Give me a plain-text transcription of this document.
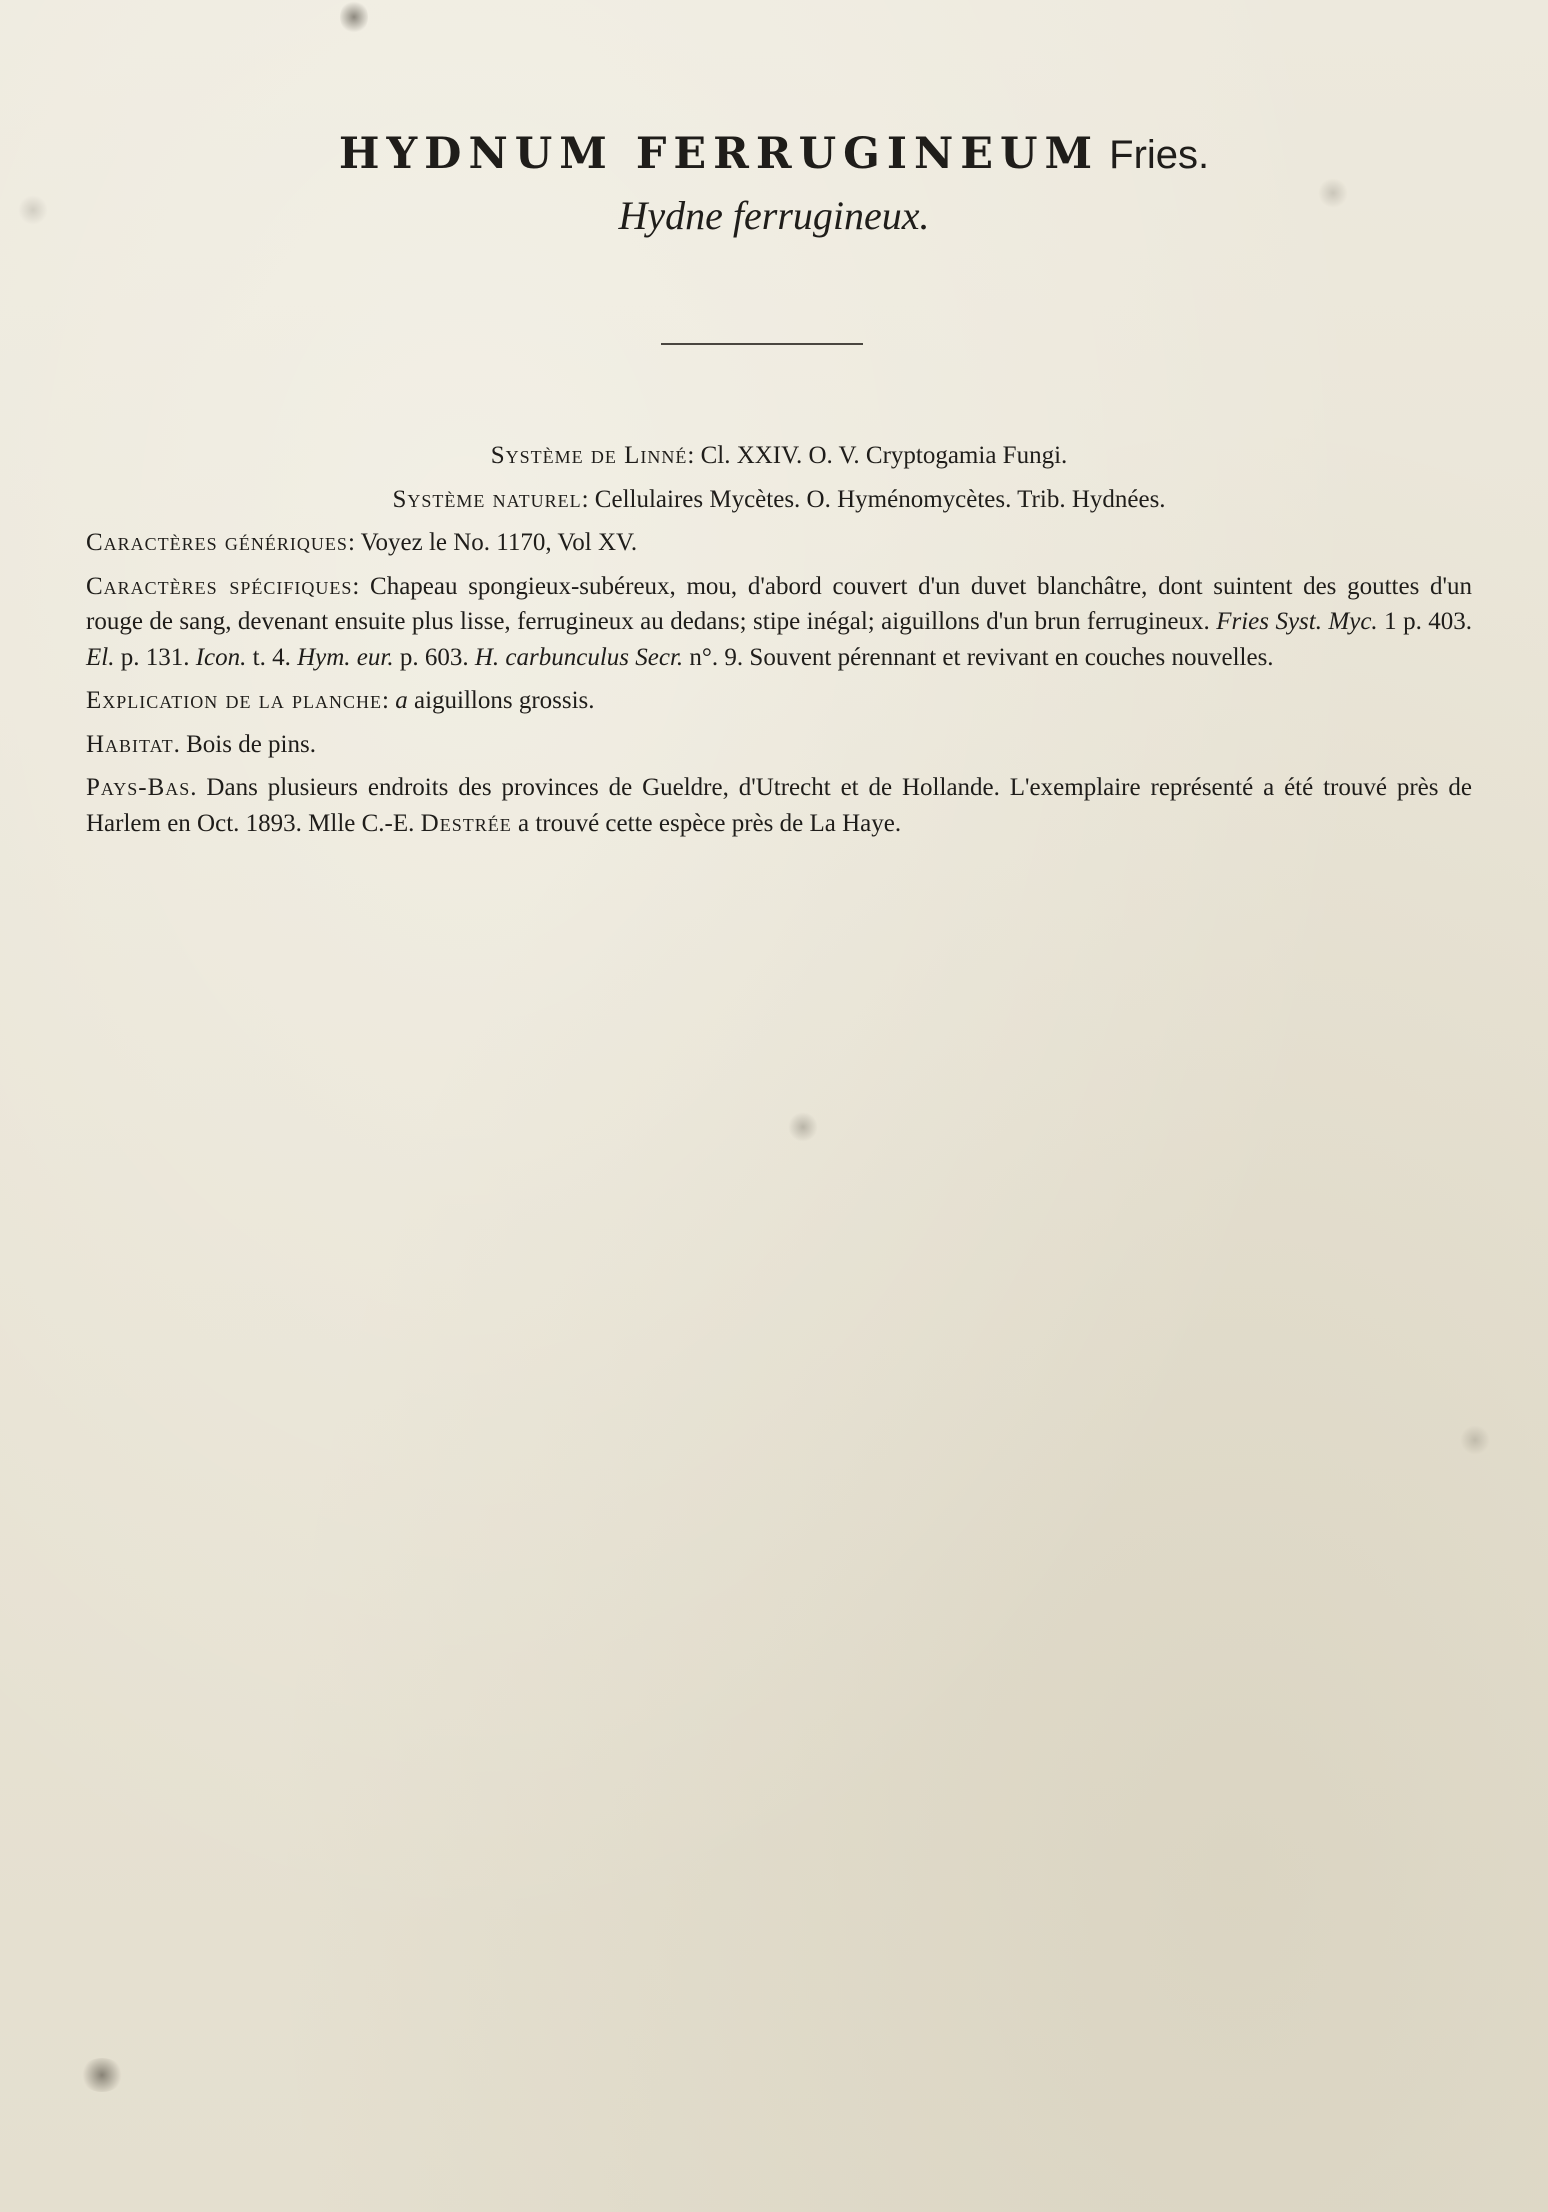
HYDNUM FERRUGINEUM Fries.
Hydne ferrugineux.

Système de Linné: Cl. XXIV. O. V. Cryptogamia Fungi.

Système naturel: Cellulaires Mycètes. O. Hyménomycètes. Trib. Hydnées.

Caractères génériques: Voyez le No. 1170, Vol XV.

Caractères spécifiques: Chapeau spongieux-subéreux, mou, d'abord couvert d'un duvet blanchâtre, dont suintent des gouttes d'un rouge de sang, devenant ensuite plus lisse, ferrugineux au dedans; stipe inégal; aiguillons d'un brun ferrugineux. Fries Syst. Myc. 1 p. 403. El. p. 131. Icon. t. 4. Hym. eur. p. 603. H. carbunculus Secr. n°. 9. Souvent pérennant et revivant en couches nouvelles.

Explication de la planche: a aiguillons grossis.

Habitat. Bois de pins.

Pays-Bas. Dans plusieurs endroits des provinces de Gueldre, d'Utrecht et de Hollande. L'exemplaire représenté a été trouvé près de Harlem en Oct. 1893. Mlle C.-E. Destrée a trouvé cette espèce près de La Haye.
